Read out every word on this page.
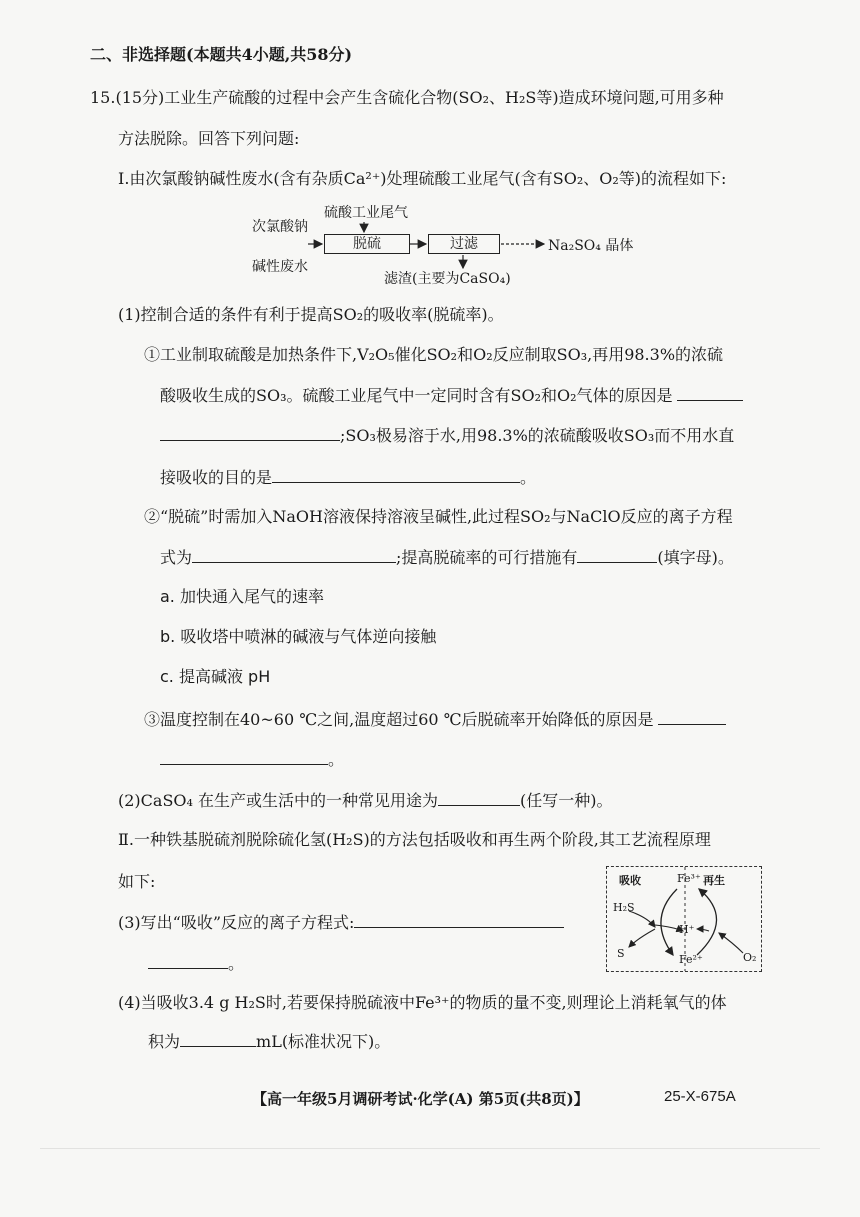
二、非选择题(本题共4小题,共58分)
15.(15分)工业生产硫酸的过程中会产生含硫化合物(SO₂、H₂S等)造成环境问题,可用多种
方法脱除。回答下列问题:
Ⅰ.由次氯酸钠碱性废水(含有杂质Ca²⁺)处理硫酸工业尾气(含有SO₂、O₂等)的流程如下:
次氯酸钠
碱性废水
硫酸工业尾气
脱硫	过滤	Na₂SO₄ 晶体
滤渣(主要为CaSO₄)
(1)控制合适的条件有利于提高SO₂的吸收率(脱硫率)。
①工业制取硫酸是加热条件下,V₂O₅催化SO₂和O₂反应制取SO₃,再用98.3%的浓硫
酸吸收生成的SO₃。硫酸工业尾气中一定同时含有SO₂和O₂气体的原因是
;SO₃极易溶于水,用98.3%的浓硫酸吸收SO₃而不用水直
接吸收的目的是	。
②“脱硫”时需加入NaOH溶液保持溶液呈碱性,此过程SO₂与NaClO反应的离子方程
式为	;提高脱硫率的可行措施有	(填字母)。
a. 加快通入尾气的速率
b. 吸收塔中喷淋的碱液与气体逆向接触
c. 提高碱液 pH
③温度控制在40~60 ℃之间,温度超过60 ℃后脱硫率开始降低的原因是
。
(2)CaSO₄ 在生产或生活中的一种常见用途为	(任写一种)。
Ⅱ.一种铁基脱硫剂脱除硫化氢(H₂S)的方法包括吸收和再生两个阶段,其工艺流程原理
如下:
(3)写出“吸收”反应的离子方程式:
。
吸收	再生
Fe³⁺
H₂S
H⁺
S	Fe²⁺	O₂
(4)当吸收3.4 g H₂S时,若要保持脱硫液中Fe³⁺的物质的量不变,则理论上消耗氧气的体
积为	mL(标准状况下)。
【高一年级5月调研考试·化学(A) 第5页(共8页)】	25-X-675A
